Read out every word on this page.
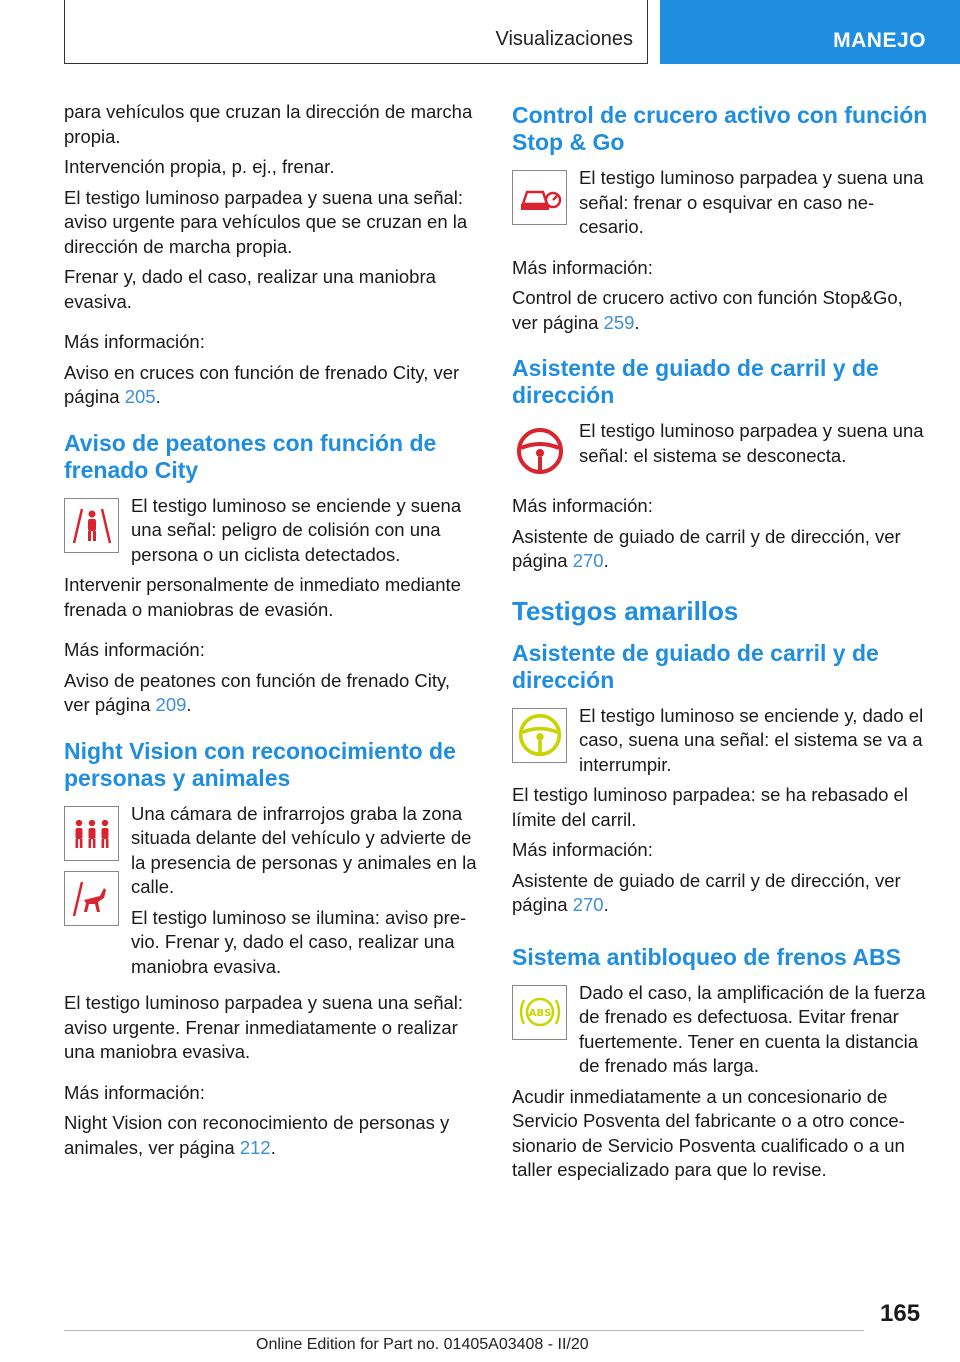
Visualizaciones	MANEJO

para vehículos que cruzan la dirección de marcha propia.

Intervención propia, p. ej., frenar.

El testigo luminoso parpadea y suena una señal: aviso urgente para vehículos que se cruzan en la dirección de marcha propia.

Frenar y, dado el caso, realizar una maniobra evasiva.

Más información:

Aviso en cruces con función de frenado City, ver página 205.

Aviso de peatones con función de frenado City
El testigo luminoso se enciende y suena una señal: peligro de colisión con una persona o un ciclista detectados.

Intervenir personalmente de inmediato mediante frenada o maniobras de evasión.

Más información:

Aviso de peatones con función de frenado City, ver página 209.

Night Vision con reconocimiento de personas y animales

Una cámara de infrarrojos graba la zona situada delante del vehículo y advierte de la presencia de personas y animales en la calle.

El testigo luminoso se ilumina: aviso pre-vio. Frenar y, dado el caso, realizar una maniobra evasiva.

El testigo luminoso parpadea y suena una señal: aviso urgente. Frenar inmediatamente o realizar una maniobra evasiva.

Más información:

Night Vision con reconocimiento de personas y animales, ver página 212.

Control de crucero activo con función Stop & Go
El testigo luminoso parpadea y suena una señal: frenar o esquivar en caso ne-cesario.

Más información:

Control de crucero activo con función Stop&Go, ver página 259.

Asistente de guiado de carril y de dirección
El testigo luminoso parpadea y suena una señal: el sistema se desconecta.

Más información:

Asistente de guiado de carril y de dirección, ver página 270.

Testigos amarillos
Asistente de guiado de carril y de dirección
El testigo luminoso se enciende y, dado el caso, suena una señal: el sistema se va a interrumpir.

El testigo luminoso parpadea: se ha rebasado el límite del carril.

Más información:

Asistente de guiado de carril y de dirección, ver página 270.

Sistema antibloqueo de frenos ABS
ABS
Dado el caso, la amplificación de la fuerza de frenado es defectuosa. Evitar frenar fuertemente. Tener en cuenta la distancia de frenado más larga.

Acudir inmediatamente a un concesionario de Servicio Posventa del fabricante o a otro conce-sionario de Servicio Posventa cualificado o a un taller especializado para que lo revise.

165
Online Edition for Part no. 01405A03408 - II/20
